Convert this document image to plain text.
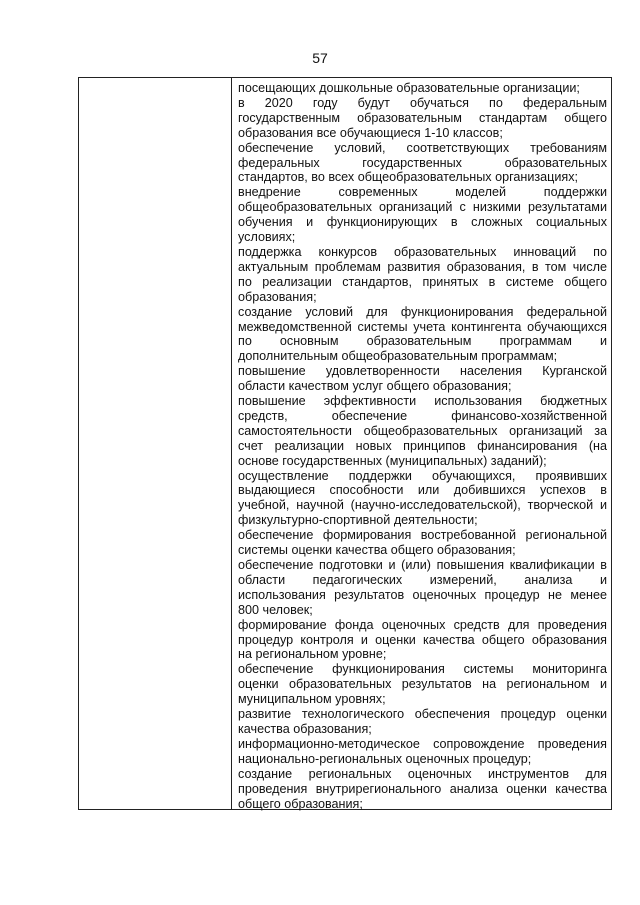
57
посещающих дошкольные образовательные организации;
в 2020 году будут обучаться по федеральным
государственным образовательным стандартам общего
образования все обучающиеся 1-10 классов;
обеспечение условий, соответствующих требованиям
федеральных государственных образовательных
стандартов, во всех общеобразовательных организациях;
внедрение современных моделей поддержки
общеобразовательных организаций с низкими результатами
обучения и функционирующих в сложных социальных
условиях;
поддержка конкурсов образовательных инноваций по
актуальным проблемам развития образования, в том числе
по реализации стандартов, принятых в системе общего
образования;
создание условий для функционирования федеральной
межведомственной системы учета контингента обучающихся
по основным образовательным программам и
дополнительным общеобразовательным программам;
повышение удовлетворенности населения Курганской
области качеством услуг общего образования;
повышение эффективности использования бюджетных
средств, обеспечение финансово-хозяйственной
самостоятельности общеобразовательных организаций за
счет реализации новых принципов финансирования (на
основе государственных (муниципальных) заданий);
осуществление поддержки обучающихся, проявивших
выдающиеся способности или добившихся успехов в
учебной, научной (научно-исследовательской), творческой и
физкультурно-спортивной деятельности;
обеспечение формирования востребованной региональной
системы оценки качества общего образования;
обеспечение подготовки и (или) повышения квалификации в
области педагогических измерений, анализа и
использования результатов оценочных процедур не менее
800 человек;
формирование фонда оценочных средств для проведения
процедур контроля и оценки качества общего образования
на региональном уровне;
обеспечение функционирования системы мониторинга
оценки образовательных результатов на региональном и
муниципальном уровнях;
развитие технологического обеспечения процедур оценки
качества образования;
информационно-методическое сопровождение проведения
национально-региональных оценочных процедур;
создание региональных оценочных инструментов для
проведения внутрирегионального анализа оценки качества
общего образования;
